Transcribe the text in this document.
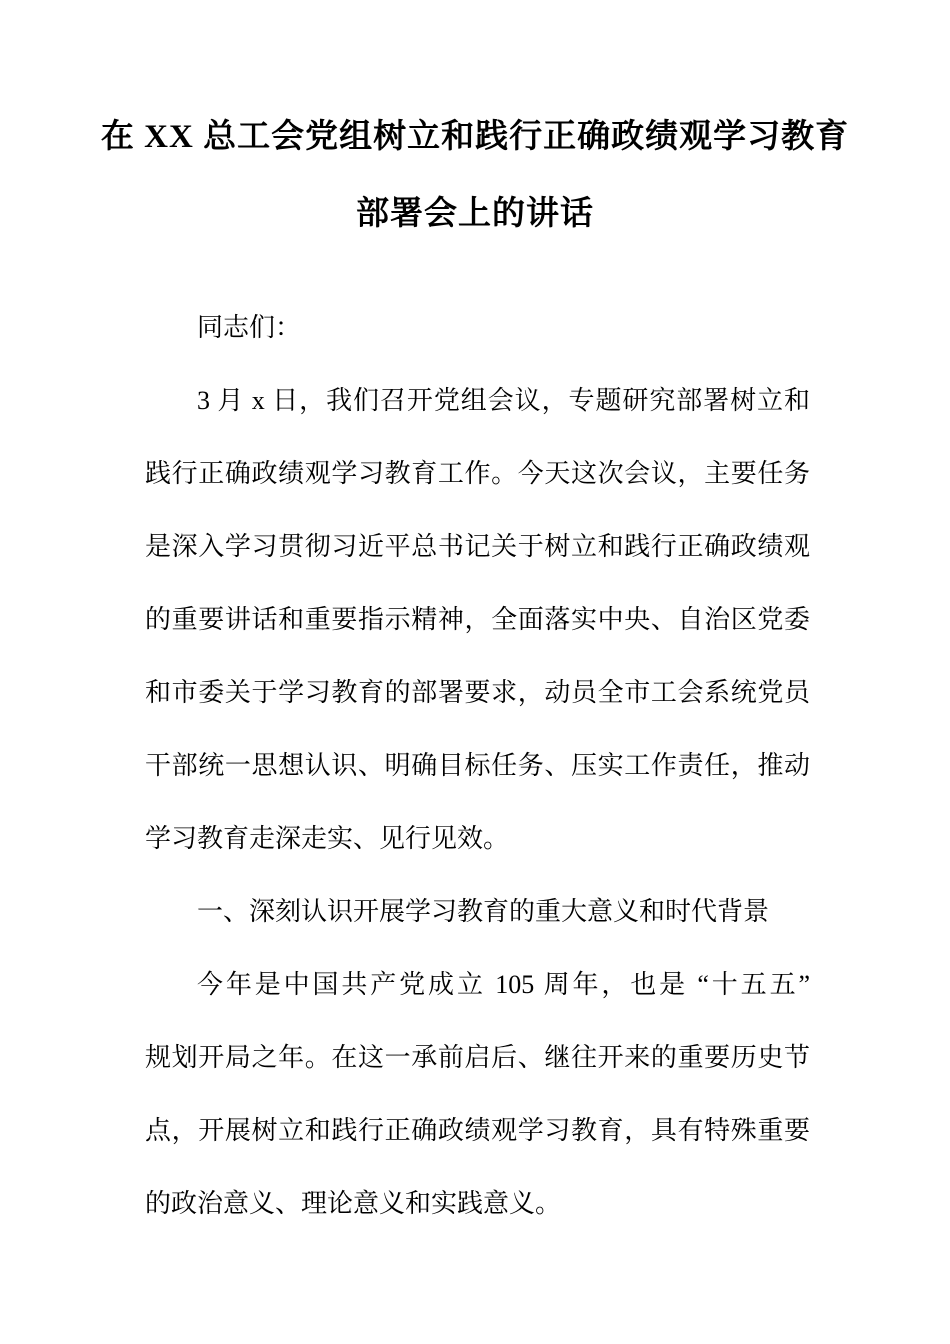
在 XX 总工会党组树立和践行正确政绩观学习教育
部署会上的讲话
同志们：
3 月 x 日，我们召开党组会议，专题研究部署树立和
践行正确政绩观学习教育工作。今天这次会议，主要任务
是深入学习贯彻习近平总书记关于树立和践行正确政绩观
的重要讲话和重要指示精神，全面落实中央、自治区党委
和市委关于学习教育的部署要求，动员全市工会系统党员
干部统一思想认识、明确目标任务、压实工作责任，推动
学习教育走深走实、见行见效。
一、深刻认识开展学习教育的重大意义和时代背景
今年是中国共产党成立 105 周年，也是 “十五五”
规划开局之年。在这一承前启后、继往开来的重要历史节
点，开展树立和践行正确政绩观学习教育，具有特殊重要
的政治意义、理论意义和实践意义。
